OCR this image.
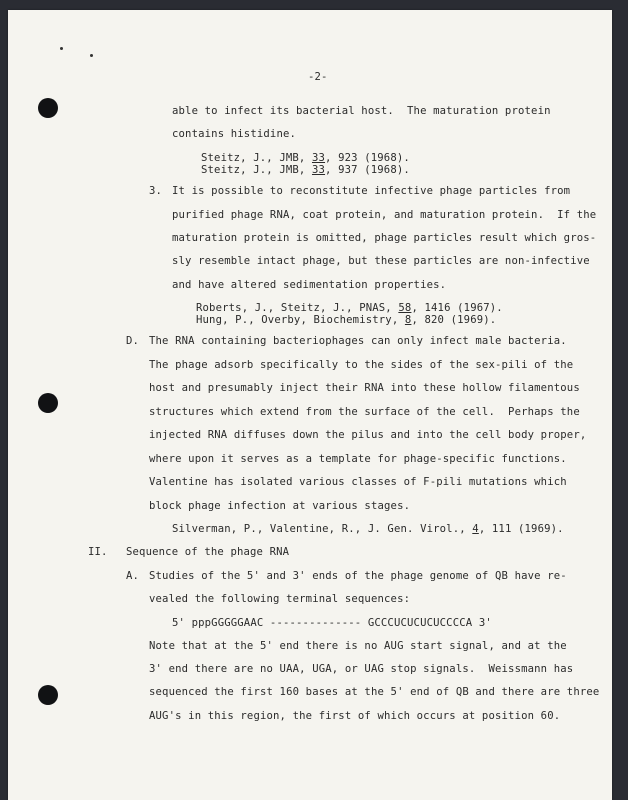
-2-
able to infect its bacterial host.  The maturation protein
contains histidine.
Steitz, J., JMB, 33, 923 (1968).
Steitz, J., JMB, 33, 937 (1968).
3. It is possible to reconstitute infective phage particles from
purified phage RNA, coat protein, and maturation protein.  If the
maturation protein is omitted, phage particles result which gros-
sly resemble intact phage, but these particles are non-infective
and have altered sedimentation properties.
Roberts, J., Steitz, J., PNAS, 58, 1416 (1967).
Hung, P., Overby, Biochemistry, 8, 820 (1969).
D. The RNA containing bacteriophages can only infect male bacteria.
The phage adsorb specifically to the sides of the sex-pili of the
host and presumably inject their RNA into these hollow filamentous
structures which extend from the surface of the cell.  Perhaps the
injected RNA diffuses down the pilus and into the cell body proper,
where upon it serves as a template for phage-specific functions.
Valentine has isolated various classes of F-pili mutations which
block phage infection at various stages.
Silverman, P., Valentine, R., J. Gen. Virol., 4, 111 (1969).
II. Sequence of the phage RNA
A. Studies of the 5' and 3' ends of the phage genome of QB have re-
vealed the following terminal sequences:
5' pppGGGGGAAC -------------- GCCCUCUCUCUCCCCA 3'
Note that at the 5' end there is no AUG start signal, and at the
3' end there are no UAA, UGA, or UAG stop signals.  Weissmann has
sequenced the first 160 bases at the 5' end of QB and there are three
AUG's in this region, the first of which occurs at position 60.
